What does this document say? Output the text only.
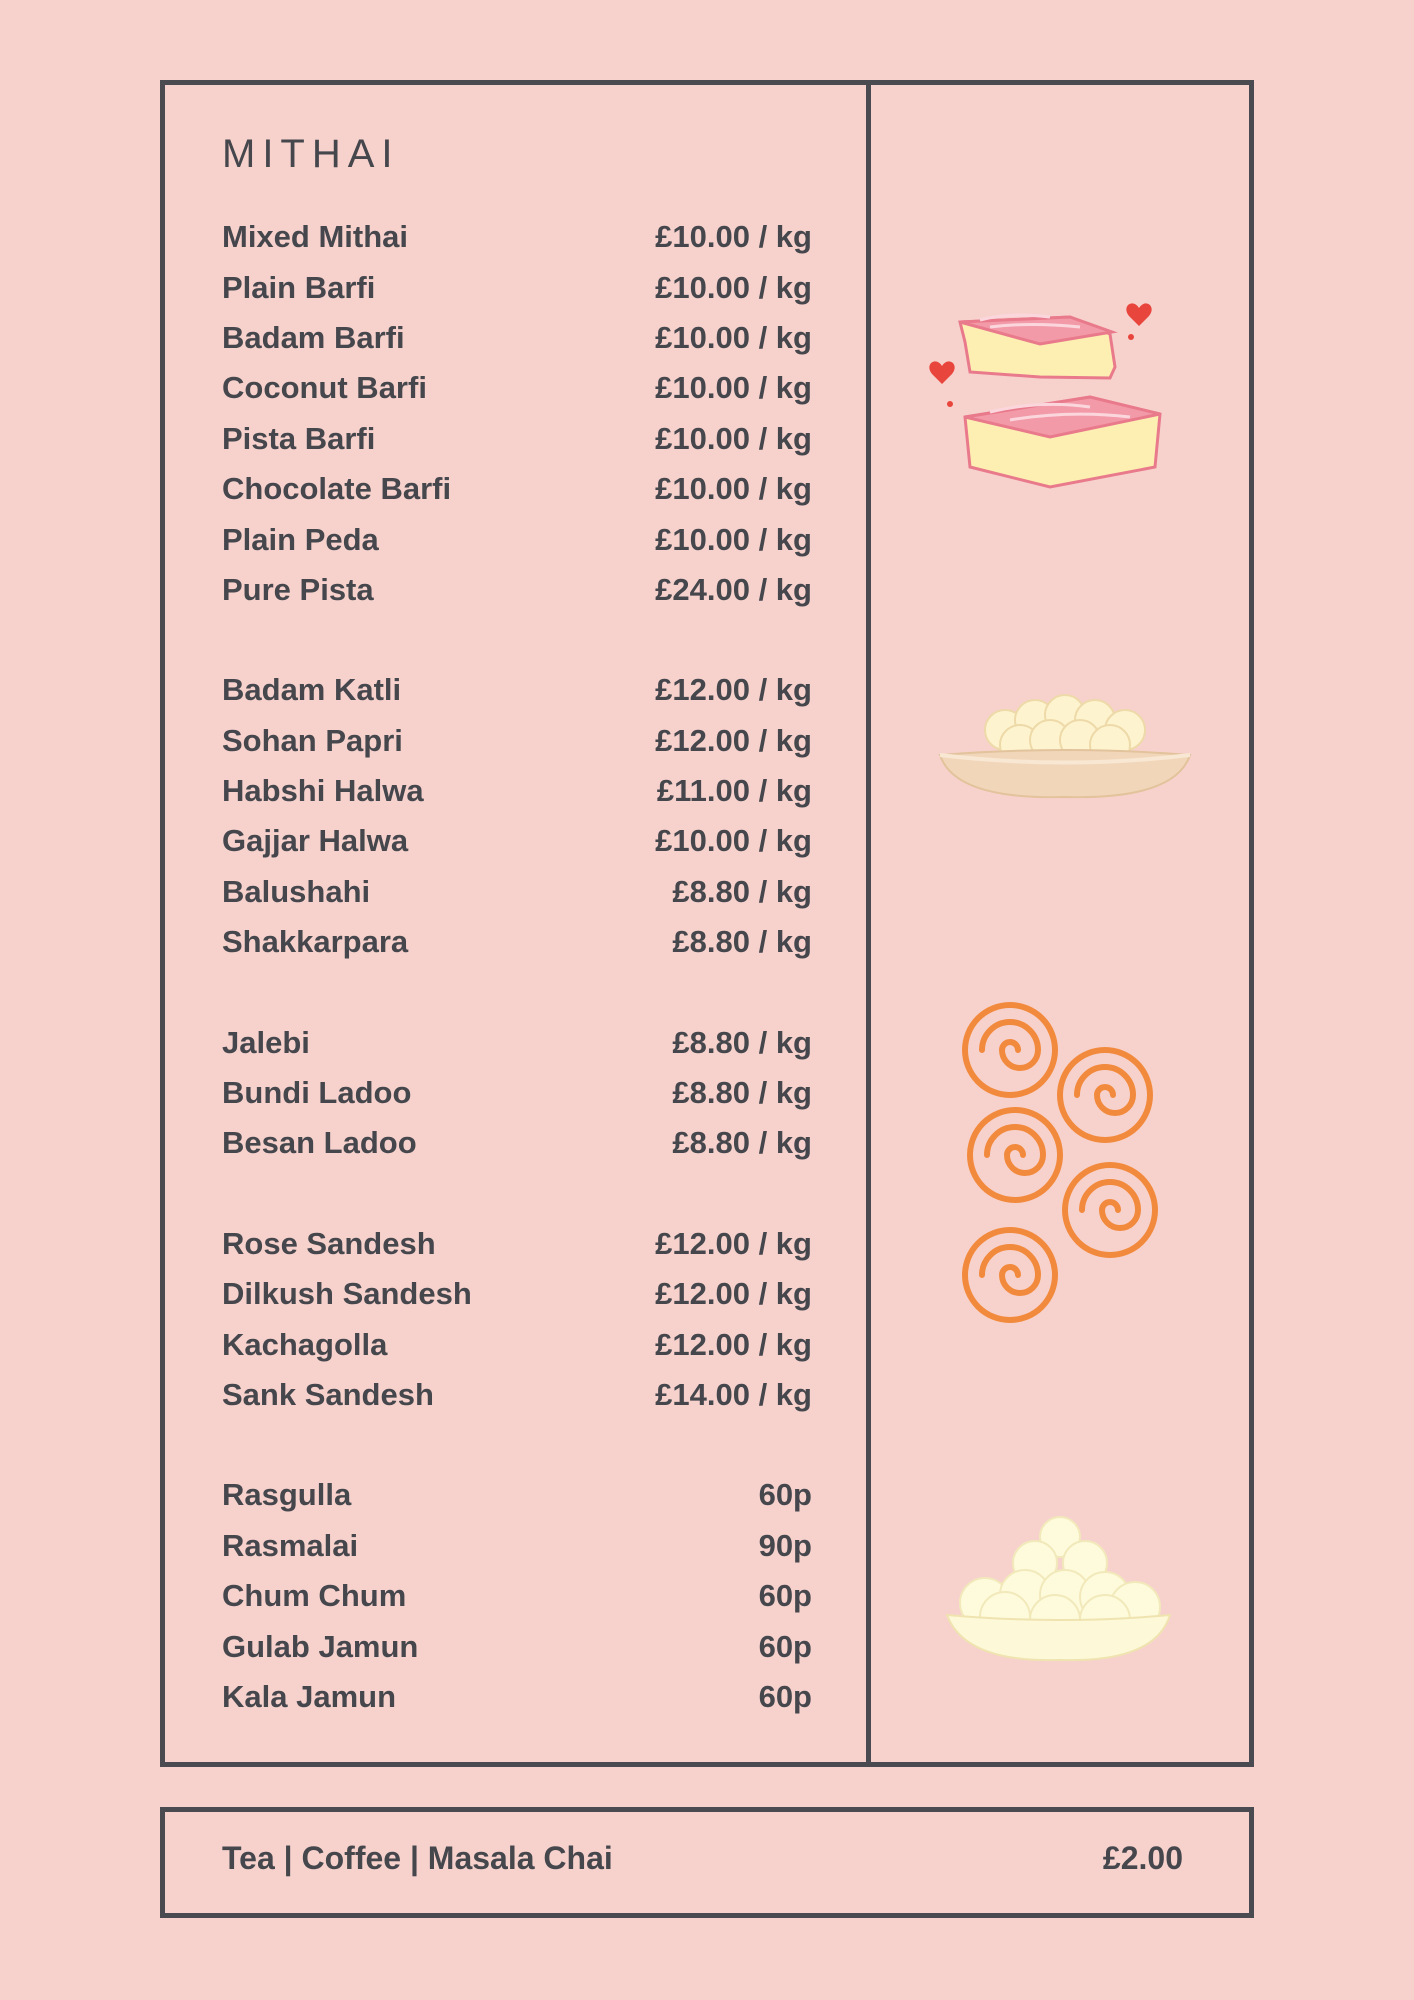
MITHAI
Mixed Mithai	£10.00 / kg
Plain Barfi	£10.00 / kg
Badam Barfi	£10.00 / kg
Coconut Barfi	£10.00 / kg
Pista Barfi	£10.00 / kg
Chocolate Barfi	£10.00 / kg
Plain Peda	£10.00 / kg
Pure Pista	£24.00 / kg
Badam Katli	£12.00 / kg
Sohan Papri	£12.00 / kg
Habshi Halwa	£11.00 / kg
Gajjar Halwa	£10.00 / kg
Balushahi	£8.80 / kg
Shakkarpara	£8.80 / kg
Jalebi	£8.80 / kg
Bundi Ladoo	£8.80 / kg
Besan Ladoo	£8.80 / kg
Rose Sandesh	£12.00 / kg
Dilkush Sandesh	£12.00 / kg
Kachagolla	£12.00 / kg
Sank Sandesh	£14.00 / kg
Rasgulla	60p
Rasmalai	90p
Chum Chum	60p
Gulab Jamun	60p
Kala Jamun	60p
Tea | Coffee | Masala Chai	£2.00
